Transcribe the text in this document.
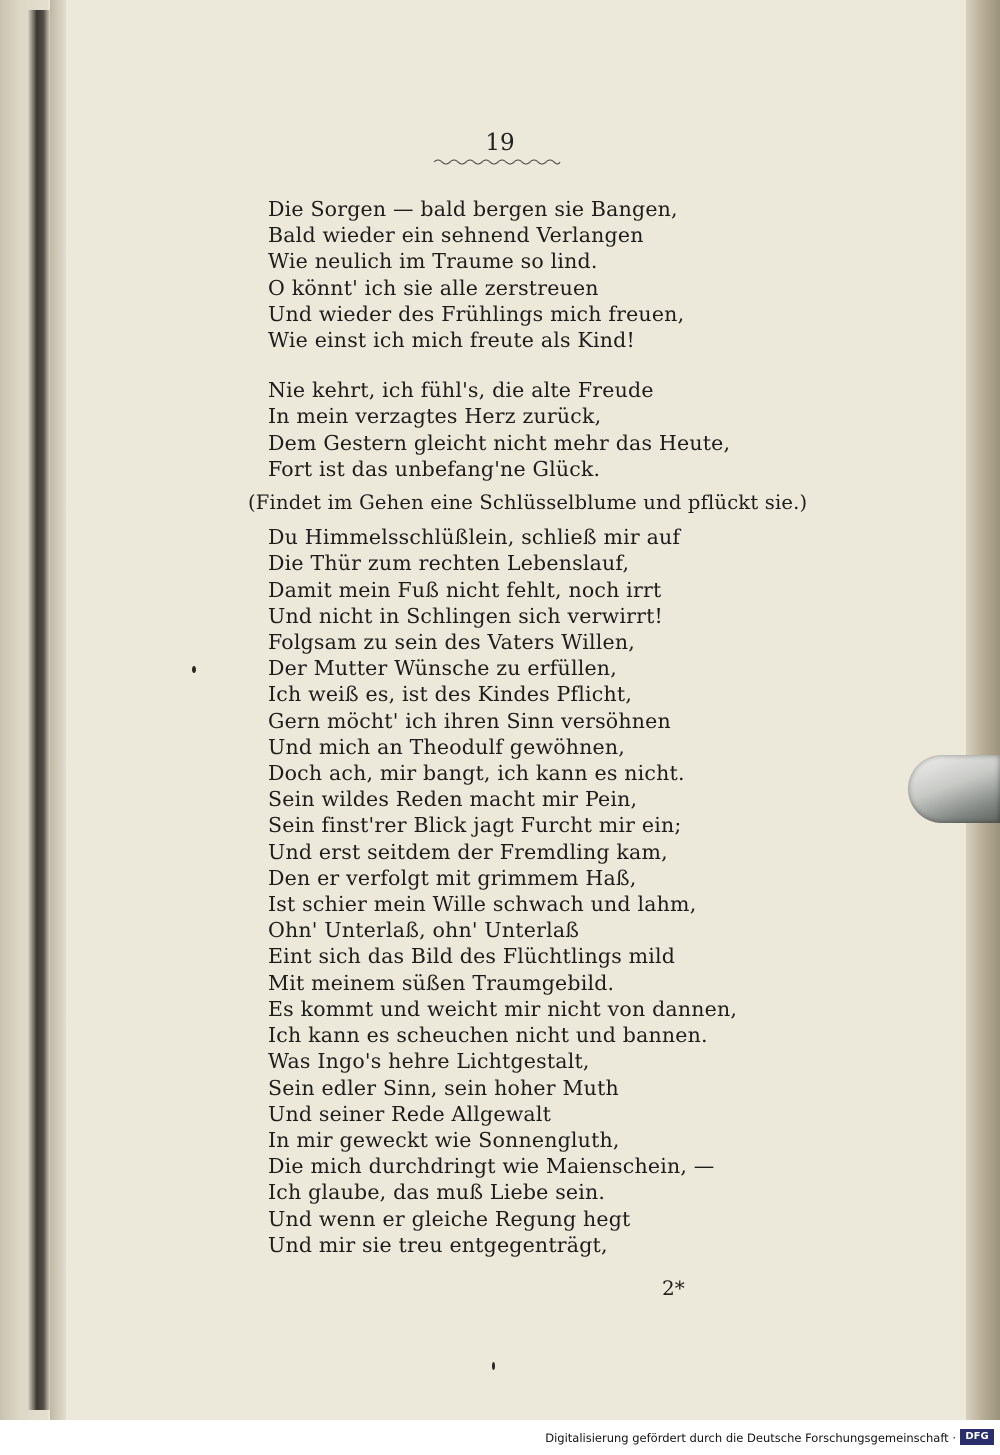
19
Die Sorgen — bald bergen sie Bangen,
Bald wieder ein sehnend Verlangen
Wie neulich im Traume so lind.
O könnt' ich sie alle zerstreuen
Und wieder des Frühlings mich freuen,
Wie einst ich mich freute als Kind!
Nie kehrt, ich fühl's, die alte Freude
In mein verzagtes Herz zurück,
Dem Gestern gleicht nicht mehr das Heute,
Fort ist das unbefang'ne Glück.
(Findet im Gehen eine Schlüsselblume und pflückt sie.)
Du Himmelsschlüßlein, schließ mir auf
Die Thür zum rechten Lebenslauf,
Damit mein Fuß nicht fehlt, noch irrt
Und nicht in Schlingen sich verwirrt!
Folgsam zu sein des Vaters Willen,
Der Mutter Wünsche zu erfüllen,
Ich weiß es, ist des Kindes Pflicht,
Gern möcht' ich ihren Sinn versöhnen
Und mich an Theodulf gewöhnen,
Doch ach, mir bangt, ich kann es nicht.
Sein wildes Reden macht mir Pein,
Sein finst'rer Blick jagt Furcht mir ein;
Und erst seitdem der Fremdling kam,
Den er verfolgt mit grimmem Haß,
Ist schier mein Wille schwach und lahm,
Ohn' Unterlaß, ohn' Unterlaß
Eint sich das Bild des Flüchtlings mild
Mit meinem süßen Traumgebild.
Es kommt und weicht mir nicht von dannen,
Ich kann es scheuchen nicht und bannen.
Was Ingo's hehre Lichtgestalt,
Sein edler Sinn, sein hoher Muth
Und seiner Rede Allgewalt
In mir geweckt wie Sonnengluth,
Die mich durchdringt wie Maienschein, —
Ich glaube, das muß Liebe sein.
Und wenn er gleiche Regung hegt
Und mir sie treu entgegenträgt,
2*
Digitalisierung gefördert durch die Deutsche Forschungsgemeinschaft · DFG
